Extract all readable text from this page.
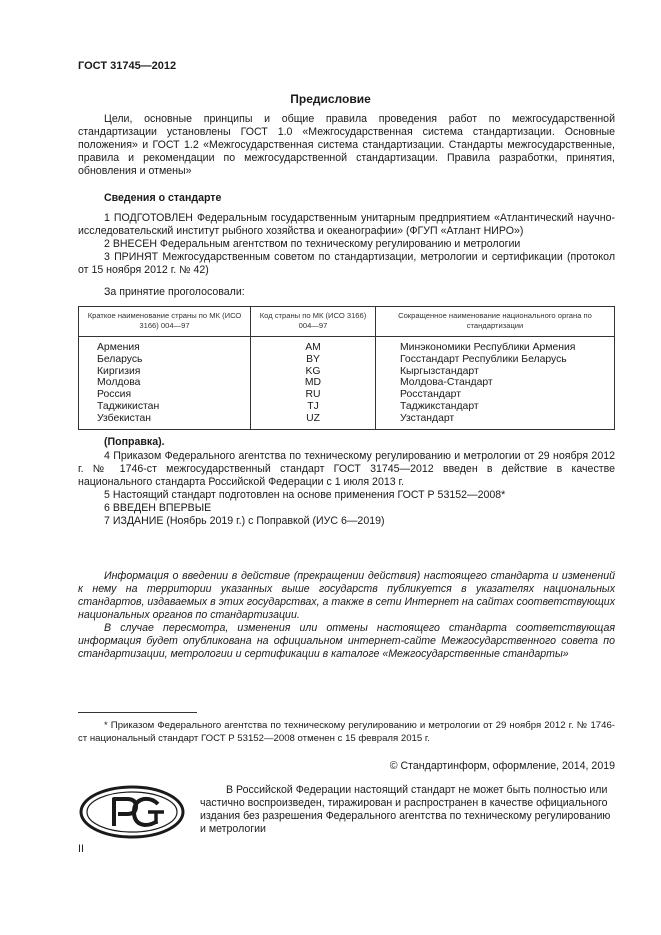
ГОСТ 31745—2012
Предисловие
Цели, основные принципы и общие правила проведения работ по межгосударственной стандартизации установлены ГОСТ 1.0 «Межгосударственная система стандартизации. Основные положения» и ГОСТ 1.2 «Межгосударственная система стандартизации. Стандарты межгосударственные, правила и рекомендации по межгосударственной стандартизации. Правила разработки, принятия, обновления и отмены»
Сведения о стандарте

1 ПОДГОТОВЛЕН Федеральным государственным унитарным предприятием «Атлантический научно-исследовательский институт рыбного хозяйства и океанографии» (ФГУП «Атлант НИРО»)

2 ВНЕСЕН Федеральным агентством по техническому регулированию и метрологии

3 ПРИНЯТ Межгосударственным советом по стандартизации, метрологии и сертификации (протокол от 15 ноября 2012 г. № 42)

За принятие проголосовали:
Краткое наименование страны по МК (ИСО 3166) 004—97	Код страны по МК (ИСО 3166) 004—97	Сокращенное наименование национального органа по стандартизации
Армения	AM	Минэкономики Республики Армения
Беларусь	BY	Госстандарт Республики Беларусь
Киргизия	KG	Кыргызстандарт
Молдова	MD	Молдова-Стандарт
Россия	RU	Росстандарт
Таджикистан	TJ	Таджикстандарт
Узбекистан	UZ	Узстандарт
(Поправка).

4 Приказом Федерального агентства по техническому регулированию и метрологии от 29 ноября 2012 г. № 1746-ст межгосударственный стандарт ГОСТ 31745—2012 введен в действие в качестве национального стандарта Российской Федерации с 1 июля 2013 г.

5 Настоящий стандарт подготовлен на основе применения ГОСТ Р 53152—2008*

6 ВВЕДЕН ВПЕРВЫЕ

7 ИЗДАНИЕ (Ноябрь 2019 г.) с Поправкой (ИУС 6—2019)

Информация о введении в действие (прекращении действия) настоящего стандарта и изменений к нему на территории указанных выше государств публикуется в указателях национальных стандартов, издаваемых в этих государствах, а также в сети Интернет на сайтах соответствующих национальных органов по стандартизации.
В случае пересмотра, изменения или отмены настоящего стандарта соответствующая информация будет опубликована на официальном интернет-сайте Межгосударственного совета по стандартизации, метрологии и сертификации в каталоге «Межгосударственные стандарты»
* Приказом Федерального агентства по техническому регулированию и метрологии от 29 ноября 2012 г. № 1746-ст национальный стандарт ГОСТ Р 53152—2008 отменен с 15 февраля 2015 г.
© Стандартинформ, оформление, 2014, 2019
В Российской Федерации настоящий стандарт не может быть полностью или частично воспроизведен, тиражирован и распространен в качестве официального издания без разрешения Федерального агентства по техническому регулированию и метрологии
II
